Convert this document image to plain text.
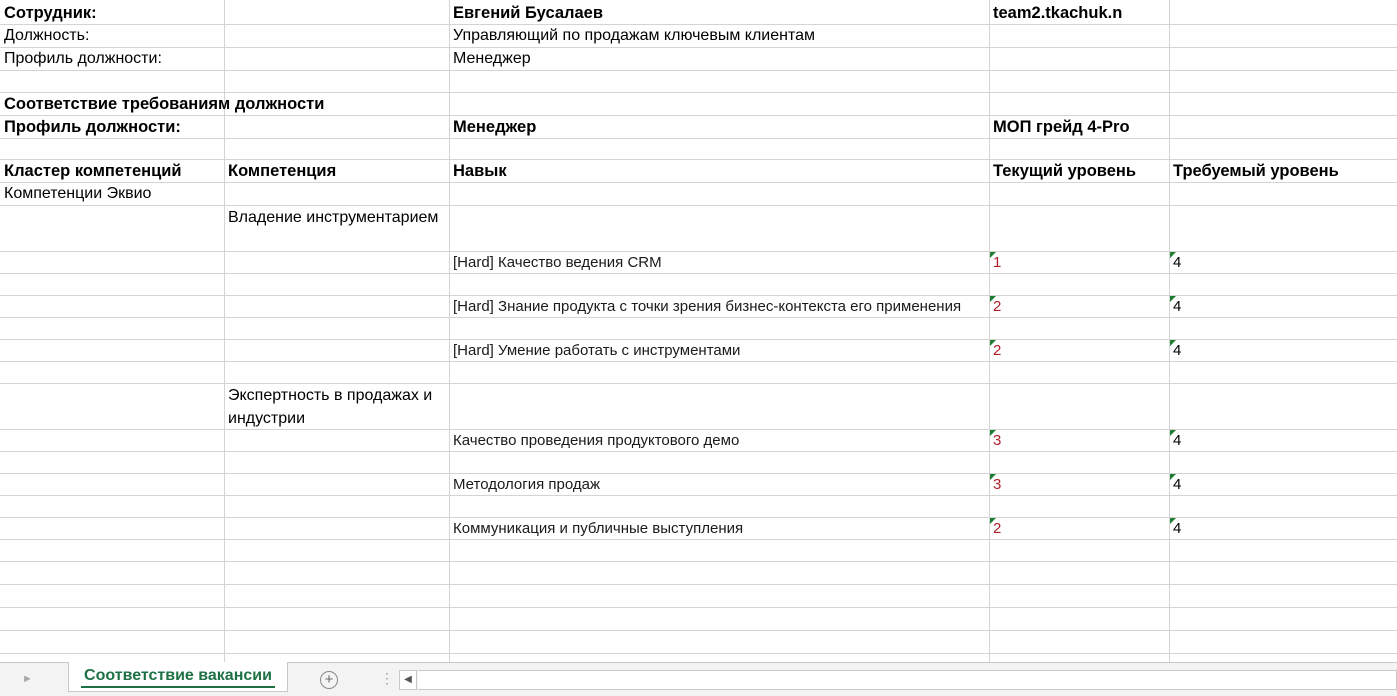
Сотрудник:	Евгений Бусалаев	team2.tkachuk.n
Должность:	Управляющий по продажам ключевым клиентам
Профиль должности:	Менеджер
Соответствие требованиям должности
Профиль должности:	Менеджер	МОП грейд 4-Pro
Кластер компетенций	Компетенция	Навык	Текущий уровень	Требуемый уровень
Компетенции Эквио
Владение инструментарием
[Hard] Качество ведения CRM	1	4
[Hard] Знание продукта с точки зрения бизнес-контекста его применения	2	4
[Hard] Умение работать с инструментами	2	4
Экспертность в продажах и индустрии
Качество проведения продуктового демо	3	4
Методология продаж	3	4
Коммуникация и публичные выступления	2	4
►	Соответствие вакансии	+	⋮	◀
